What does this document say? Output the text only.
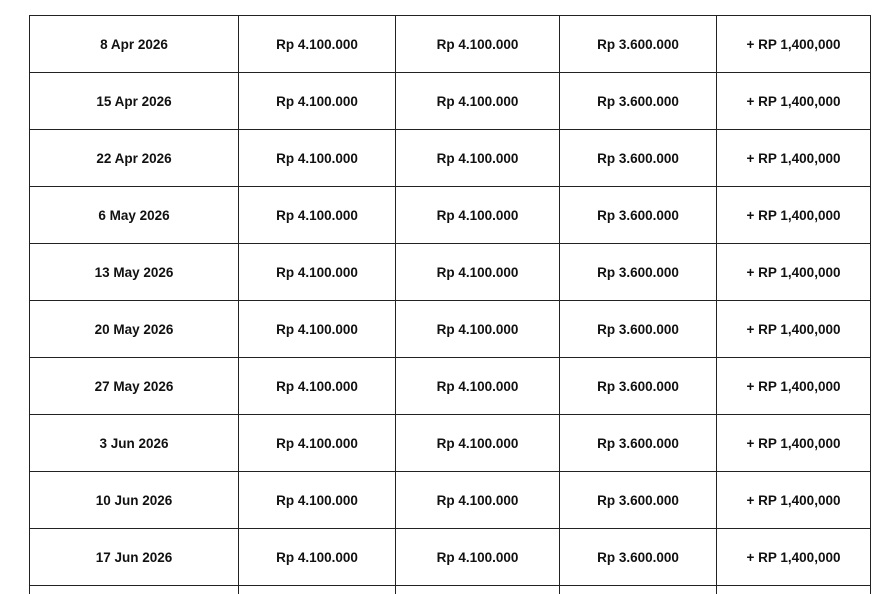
8 Apr 2026	Rp 4.100.000	Rp 4.100.000	Rp 3.600.000	+ RP 1,400,000
15 Apr 2026	Rp 4.100.000	Rp 4.100.000	Rp 3.600.000	+ RP 1,400,000
22 Apr 2026	Rp 4.100.000	Rp 4.100.000	Rp 3.600.000	+ RP 1,400,000
6 May 2026	Rp 4.100.000	Rp 4.100.000	Rp 3.600.000	+ RP 1,400,000
13 May 2026	Rp 4.100.000	Rp 4.100.000	Rp 3.600.000	+ RP 1,400,000
20 May 2026	Rp 4.100.000	Rp 4.100.000	Rp 3.600.000	+ RP 1,400,000
27 May 2026	Rp 4.100.000	Rp 4.100.000	Rp 3.600.000	+ RP 1,400,000
3 Jun 2026	Rp 4.100.000	Rp 4.100.000	Rp 3.600.000	+ RP 1,400,000
10 Jun 2026	Rp 4.100.000	Rp 4.100.000	Rp 3.600.000	+ RP 1,400,000
17 Jun 2026	Rp 4.100.000	Rp 4.100.000	Rp 3.600.000	+ RP 1,400,000
